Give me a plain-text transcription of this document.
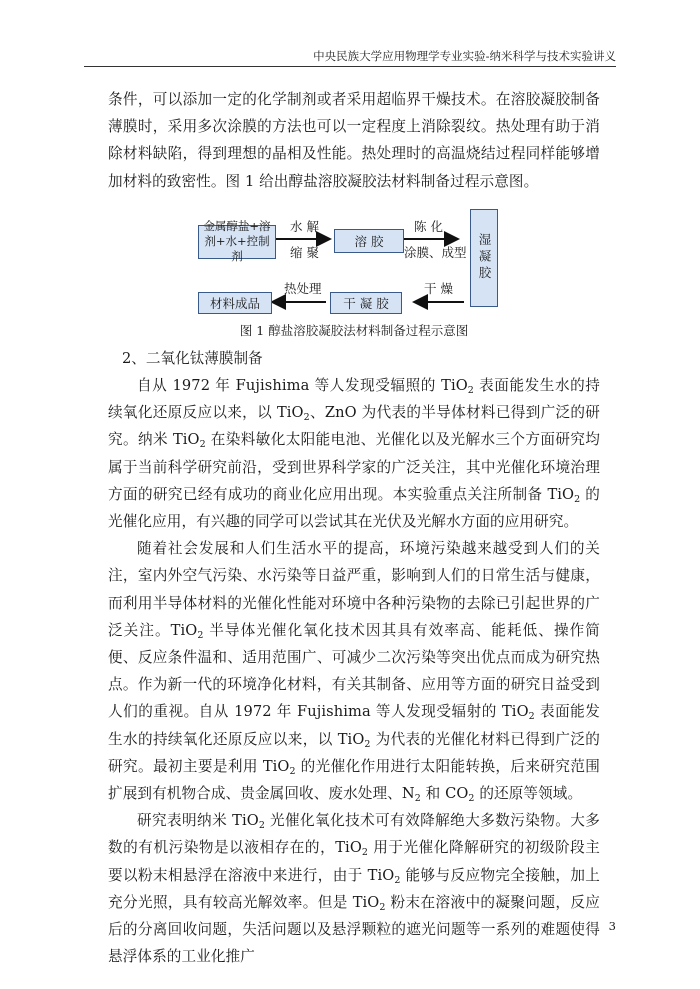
中央民族大学应用物理学专业实验-纳米科学与技术实验讲义

条件，可以添加一定的化学制剂或者采用超临界干燥技术。在溶胶凝胶制备薄膜时，采用多次涂膜的方法也可以一定程度上消除裂纹。热处理有助于消除材料缺陷，得到理想的晶相及性能。热处理时的高温烧结过程同样能够增加材料的致密性。图 1 给出醇盐溶胶凝胶法材料制备过程示意图。

金属醇盐+溶剂+水+控制剂
溶 胶	湿凝胶
干 凝 胶
材料成品
水 解
缩 聚
陈 化
涂膜、成型
干 燥
热处理

图 1 醇盐溶胶凝胶法材料制备过程示意图

2、二氧化钛薄膜制备

自从 1972 年 Fujishima 等人发现受辐照的 TiO$_2$ 表面能发生水的持续氧化还原反应以来，以 TiO$_2$、ZnO 为代表的半导体材料已得到广泛的研究。纳米 TiO$_2$ 在染料敏化太阳能电池、光催化以及光解水三个方面研究均属于当前科学研究前沿，受到世界科学家的广泛关注，其中光催化环境治理方面的研究已经有成功的商业化应用出现。本实验重点关注所制备 TiO$_2$ 的光催化应用，有兴趣的同学可以尝试其在光伏及光解水方面的应用研究。

随着社会发展和人们生活水平的提高，环境污染越来越受到人们的关注，室内外空气污染、水污染等日益严重，影响到人们的日常生活与健康，而利用半导体材料的光催化性能对环境中各种污染物的去除已引起世界的广泛关注。TiO$_2$ 半导体光催化氧化技术因其具有效率高、能耗低、操作简便、反应条件温和、适用范围广、可减少二次污染等突出优点而成为研究热点。作为新一代的环境净化材料，有关其制备、应用等方面的研究日益受到人们的重视。自从 1972 年 Fujishima 等人发现受辐射的 TiO$_2$ 表面能发生水的持续氧化还原反应以来，以 TiO$_2$ 为代表的光催化材料已得到广泛的研究。最初主要是利用 TiO$_2$ 的光催化作用进行太阳能转换，后来研究范围扩展到有机物合成、贵金属回收、废水处理、$N_2$ 和 $CO_2$ 的还原等领域。

研究表明纳米 TiO$_2$ 光催化氧化技术可有效降解绝大多数污染物。大多数的有机污染物是以液相存在的，TiO$_2$ 用于光催化降解研究的初级阶段主要以粉末相悬浮在溶液中来进行，由于 TiO$_2$ 能够与反应物完全接触，加上充分光照，具有较高光解效率。但是 TiO$_2$ 粉末在溶液中的凝聚问题，反应后的分离回收问题，失活问题以及悬浮颗粒的遮光问题等一系列的难题使得悬浮体系的工业化推广

3
